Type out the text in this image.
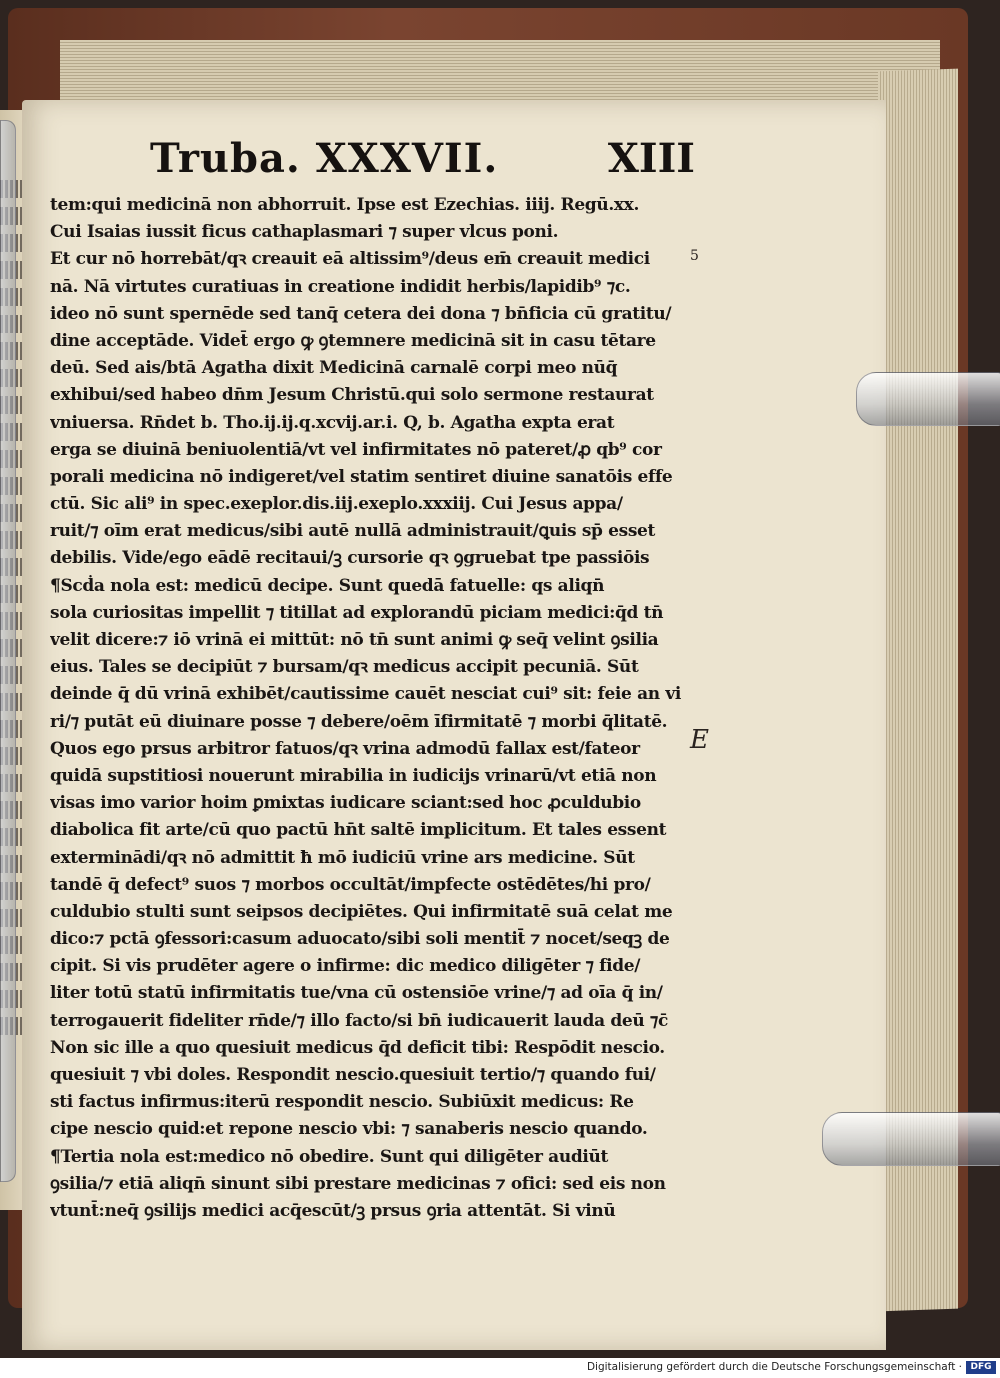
Truba. XXXVII.	XIII
tem:qui medicinā non abhorruit. Ipse est Ezechias. iiij. Regū.xx.
Cui Isaias iussit ficus cathaplasmari ⁊ super vlcus poni.
Et cur nō horrebāt/qꝛ creauit eā altissim⁹/deus em̄ creauit medici
nā. Nā virtutes curatiuas in creatione indidit herbis/lapidib⁹ ⁊c.
ideo nō sunt spernēde sed tanq̄ cetera dei dona ⁊ bn̄ficia cū gratitu/
dine acceptāde. Videt̄ ergo ꝙ ꝯtemnere medicinā sit in casu tētare
deū. Sed ais/btā Agatha dixit Medicinā carnalē corpi meo nūq̄
exhibui/sed habeo dn̄m Jesum Christū.qui solo sermone restaurat
vniuersa. Rn̄det b. Tho.ij.ij.q.xcvij.ar.i. Q, b. Agatha expta erat
erga se diuinā beniuolentiā/vt vel infirmitates nō pateret/ꝓ qb⁹ cor
porali medicina nō indigeret/vel statim sentiret diuine sanatōis effe
ctū. Sic ali⁹ in spec.exeplor.dis.iij.exeplo.xxxiij. Cui Jesus appa/
ruit/⁊ oīm erat medicus/sibi autē nullā administrauit/ꝗuis sp̄ esset
debilis. Vide/ego eādē recitaui/ꝫ cursorie qꝛ ꝯgruebat tpe passiōis
¶Scḋa nola est: medicū decipe. Sunt quedā fatuelle: qs aliqn̄
sola curiositas impellit ⁊ titillat ad explorandū piciam medici:q̄d tn̄
velit dicere:⁊ iō vrinā ei mittūt: nō tn̄ sunt animi ꝙ seq̄ velint ꝯsilia
eius. Tales se decipiūt ⁊ bursam/qꝛ medicus accipit pecuniā. Sūt
deinde q̄ dū vrinā exhibēt/cautissime cauēt nesciat cui⁹ sit: feie an vi
ri/⁊ putāt eū diuinare posse ⁊ debere/oēm īfirmitatē ⁊ morbi q̄litatē.
Quos ego prsus arbitror fatuos/qꝛ vrina admodū fallax est/fateor
quidā supstitiosi nouerunt mirabilia in iudicijs vrinarū/vt etiā non
visas imo varior hoim ꝑmixtas iudicare sciant:sed hoc ꝓculdubio
diabolica fit arte/cū quo pactū hn̄t saltē implicitum. Et tales essent
exterminādi/qꝛ nō admittit ħ mō iudiciū vrine ars medicine. Sūt
tandē q̄ defect⁹ suos ⁊ morbos occultāt/impfecte ostēdētes/hi pro/
culdubio stulti sunt seipsos decipiētes. Qui infirmitatē suā celat me
dico:⁊ pctā ꝯfessori:casum aduocato/sibi soli mentit̄ ⁊ nocet/seqꝫ de
cipit. Si vis prudēter agere o infirme: dic medico diligēter ⁊ fide/
liter totū statū infirmitatis tue/vna cū ostensiōe vrine/⁊ ad oīa q̄ in/
terrogauerit fideliter rn̄de/⁊ illo facto/si bn̄ iudicauerit lauda deū ⁊c̄
Non sic ille a quo quesiuit medicus q̄d deficit tibi: Respōdit nescio.
quesiuit ⁊ vbi doles. Respondit nescio.quesiuit tertio/⁊ quando fui/
sti factus infirmus:iterū respondit nescio. Subiūxit medicus: Re
cipe nescio quid:et repone nescio vbi: ⁊ sanaberis nescio quando.
¶Tertia nola est:medico nō obedire. Sunt qui diligēter audiūt
ꝯsilia/⁊ etiā aliqn̄ sinunt sibi prestare medicinas ⁊ ofici: sed eis non
vtunt̄:neq̄ ꝯsilijs medici acq̄escūt/ꝫ prsus ꝯria attentāt. Si vinū
5
E
Digitalisierung gefördert durch die Deutsche Forschungsgemeinschaft · DFG
